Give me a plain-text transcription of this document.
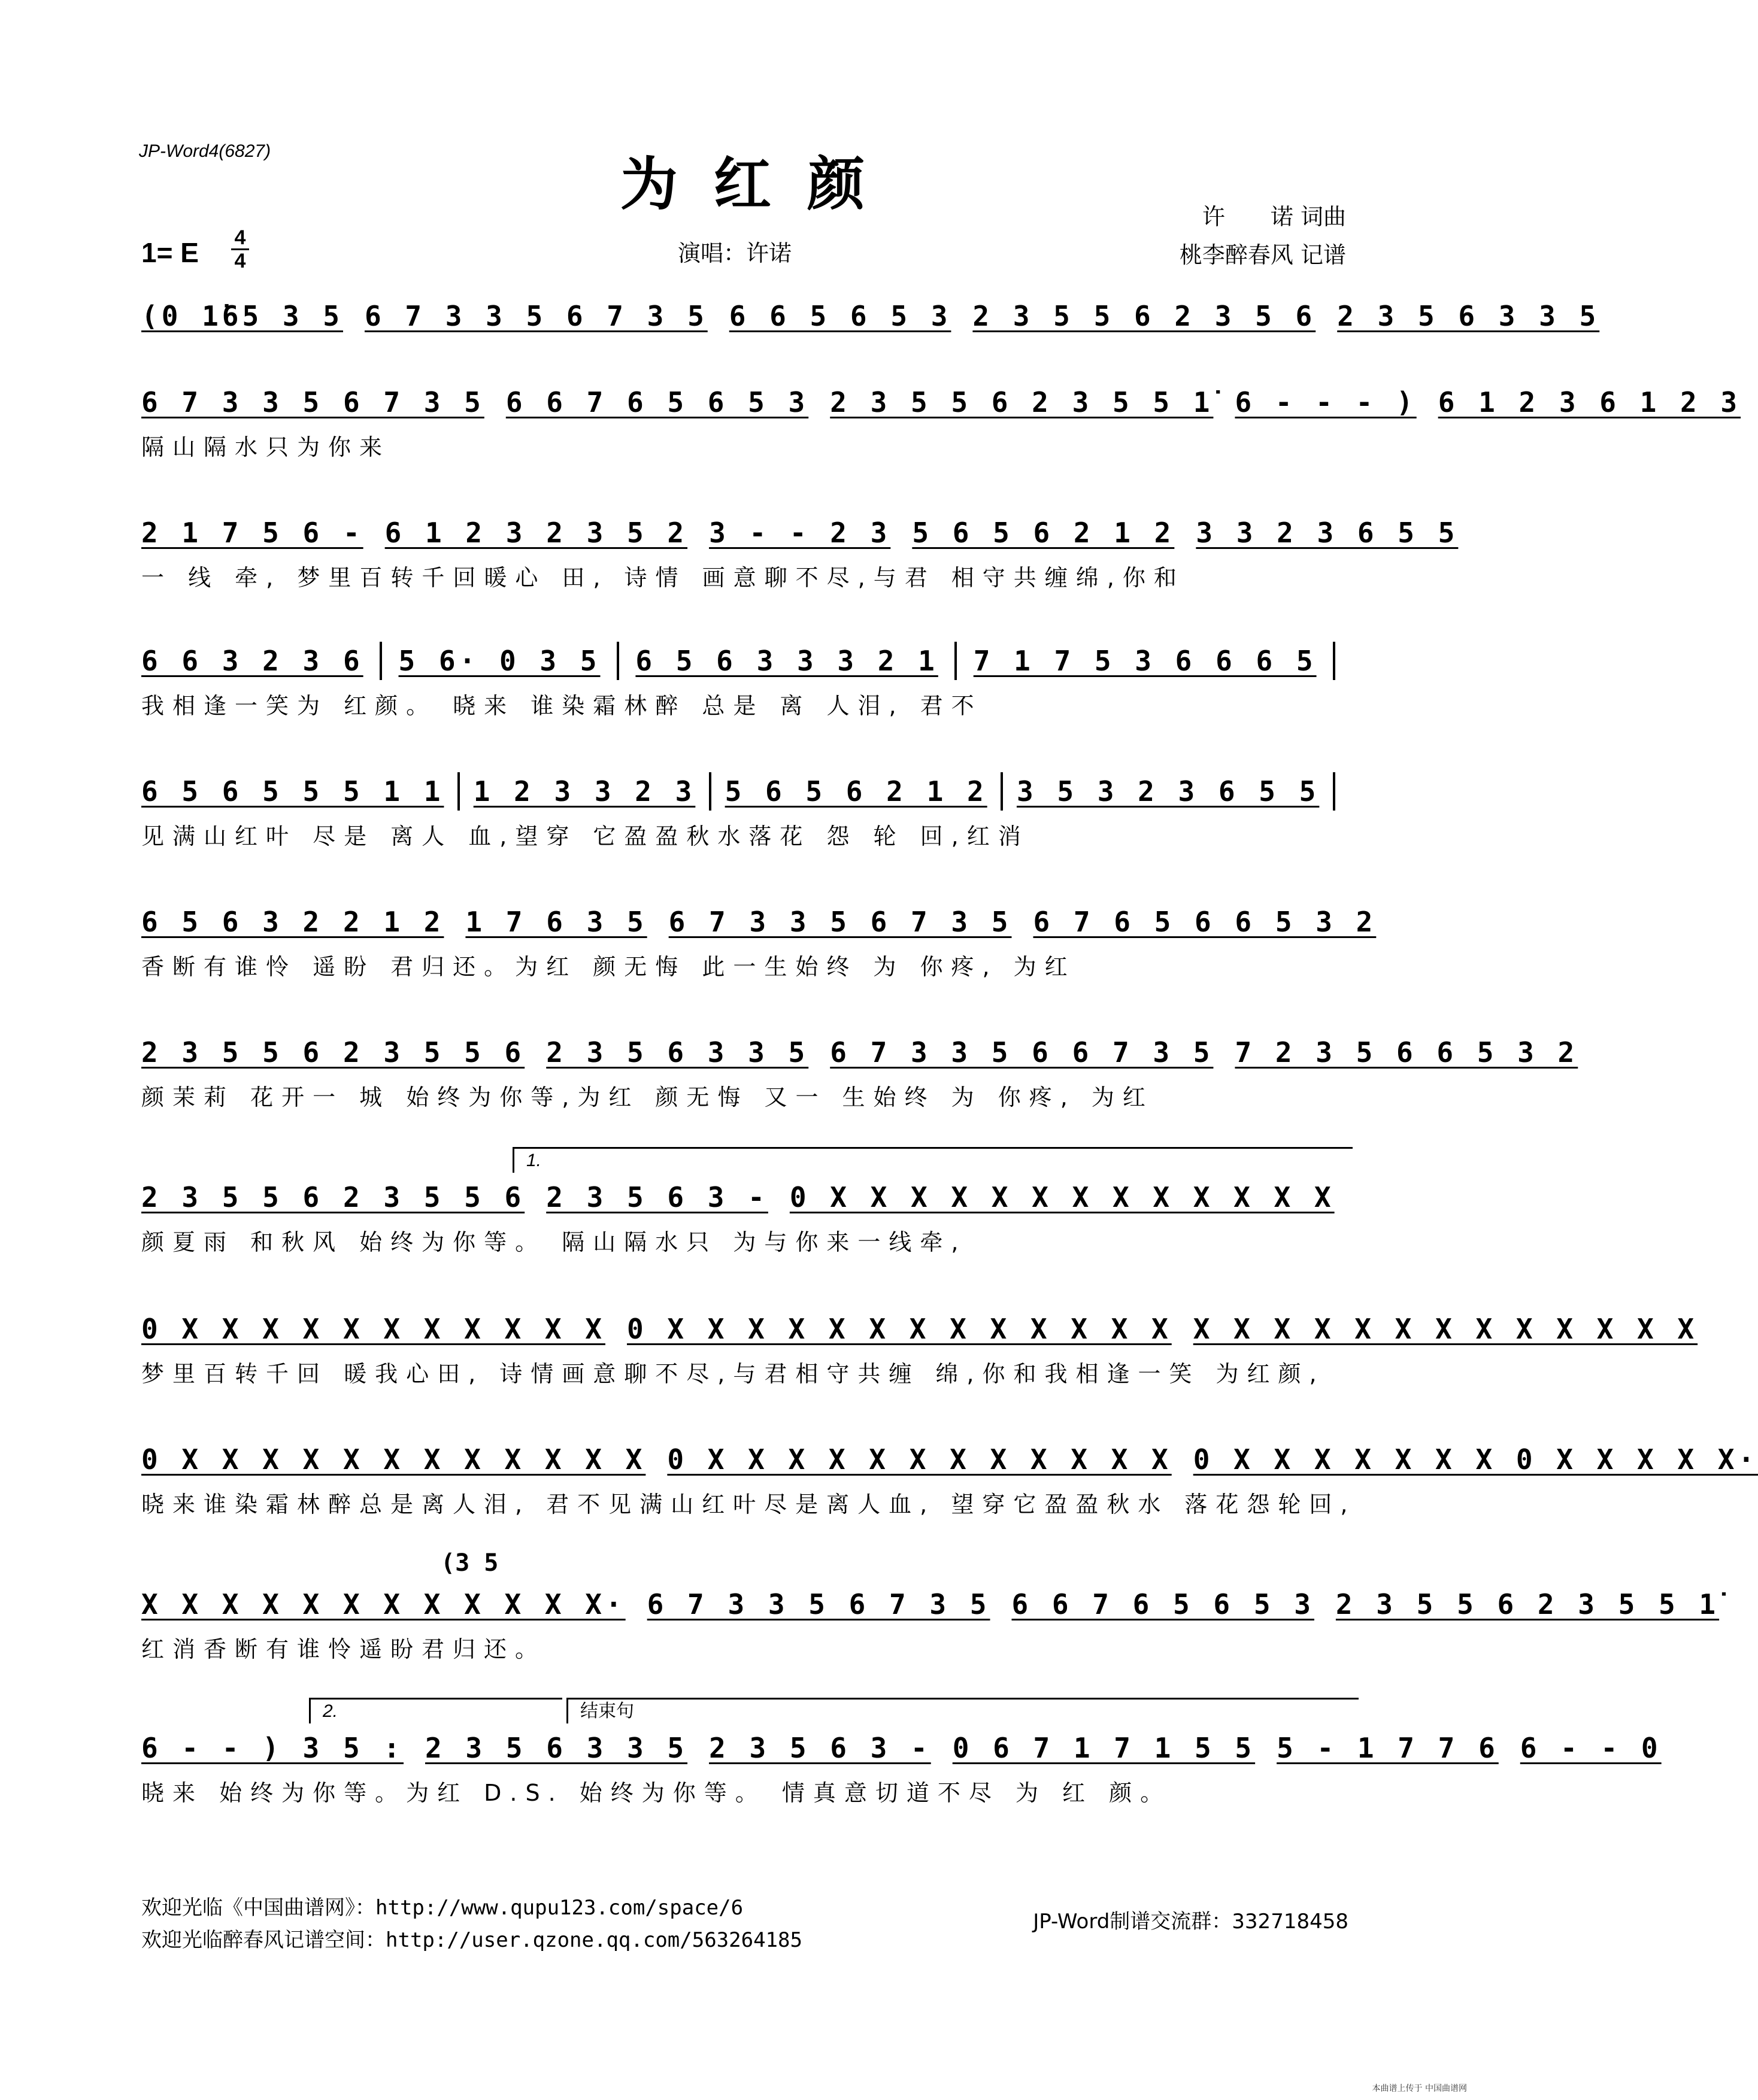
JP-Word4(6827)	为红颜	许　　诺 词曲
桃李醉春风 记谱
1= E 4
4	演唱：许诺
(0 1̇65 3 5 6 7 3 3 5 6 7 3 5 6 6 5 6 5 3 2 3 5 5 6 2 3 5 6 2 3 5 6 3 3 5
6 7 3 3 5 6 7 3 5 6 6 7 6 5 6 5 3 2 3 5 5 6 2 3 5 5 1̇ 6 - - - ) 6 1 2 3 6 1 2 3
隔山隔水只为你来
2 1 7 5 6 - 6 1 2 3 2 3 5 2 3 - - 2 3 5 6 5 6 2 1 2 3 3 2 3 6 5 5
一 线 牵, 梦里百转千回暖心 田, 诗情 画意聊不尽,与君 相守共缠绵,你和
6 6 3 2 3 6 5 6· 0 3 5 6 5 6 3 3 3 2 1 7 1 7 5 3 6 6 6 5
我相逢一笑为 红颜。 晓来 谁染霜林醉 总是 离 人泪, 君不
6 5 6 5 5 5 1 1 1 2 3 3 2 3 5 6 5 6 2 1 2 3 5 3 2 3 6 5 5
见满山红叶 尽是 离人 血,望穿 它盈盈秋水落花 怨 轮 回,红消
6 5 6 3 2 2 1 2 1 7 6 3 5 6 7 3 3 5 6 7 3 5 6 7 6 5 6 6 5 3 2
香断有谁怜 遥盼 君归还。为红 颜无悔 此一生始终 为 你疼, 为红
2 3 5 5 6 2 3 5 5 6 2 3 5 6 3 3 5 6 7 3 3 5 6 6 7 3 5 7 2 3 5 6 6 5 3 2
颜茉莉 花开一 城 始终为你等,为红 颜无悔 又一 生始终 为 你疼, 为红
2 3 5 5 6 2 3 5 5 6 2 3 5 6 3 - 0 X X X X X X X X X X X X X
颜夏雨 和秋风 始终为你等。 隔山隔水只 为与你来一线牵,
1.
0 X X X X X X X X X X X 0 X X X X X X X X X X X X X X X X X X X X X X X X X X
梦里百转千回 暖我心田, 诗情画意聊不尽,与君相守共缠 绵,你和我相逢一笑 为红颜,
0 X X X X X X X X X X X X 0 X X X X X X X X X X X X 0 X X X X X X X 0 X X X X X·
晓来谁染霜林醉总是离人泪, 君不见满山红叶尽是离人血, 望穿它盈盈秋水 落花怨轮回,
X X X X X X X X X X X X· 6 7 3 3 5 6 7 3 5 6 6 7 6 5 6 5 3 2 3 5 5 6 2 3 5 5 1̇
红消香断有谁怜遥盼君归还。
(3 5
6 - - ) 3 5 : 2 3 5 6 3 3 5 2 3 5 6 3 - 0 6 7 1 7 1 5 5 5 - 1 7 7 6 6 - - 0
晓来 始终为你等。为红 D.S. 始终为你等。 情真意切道不尽 为 红 颜。
2.	结束句
欢迎光临《中国曲谱网》：http://www.qupu123.com/space/6
欢迎光临醉春风记谱空间：http://user.qzone.qq.com/563264185
JP-Word制谱交流群：332718458
本曲谱上传于 中国曲谱网
